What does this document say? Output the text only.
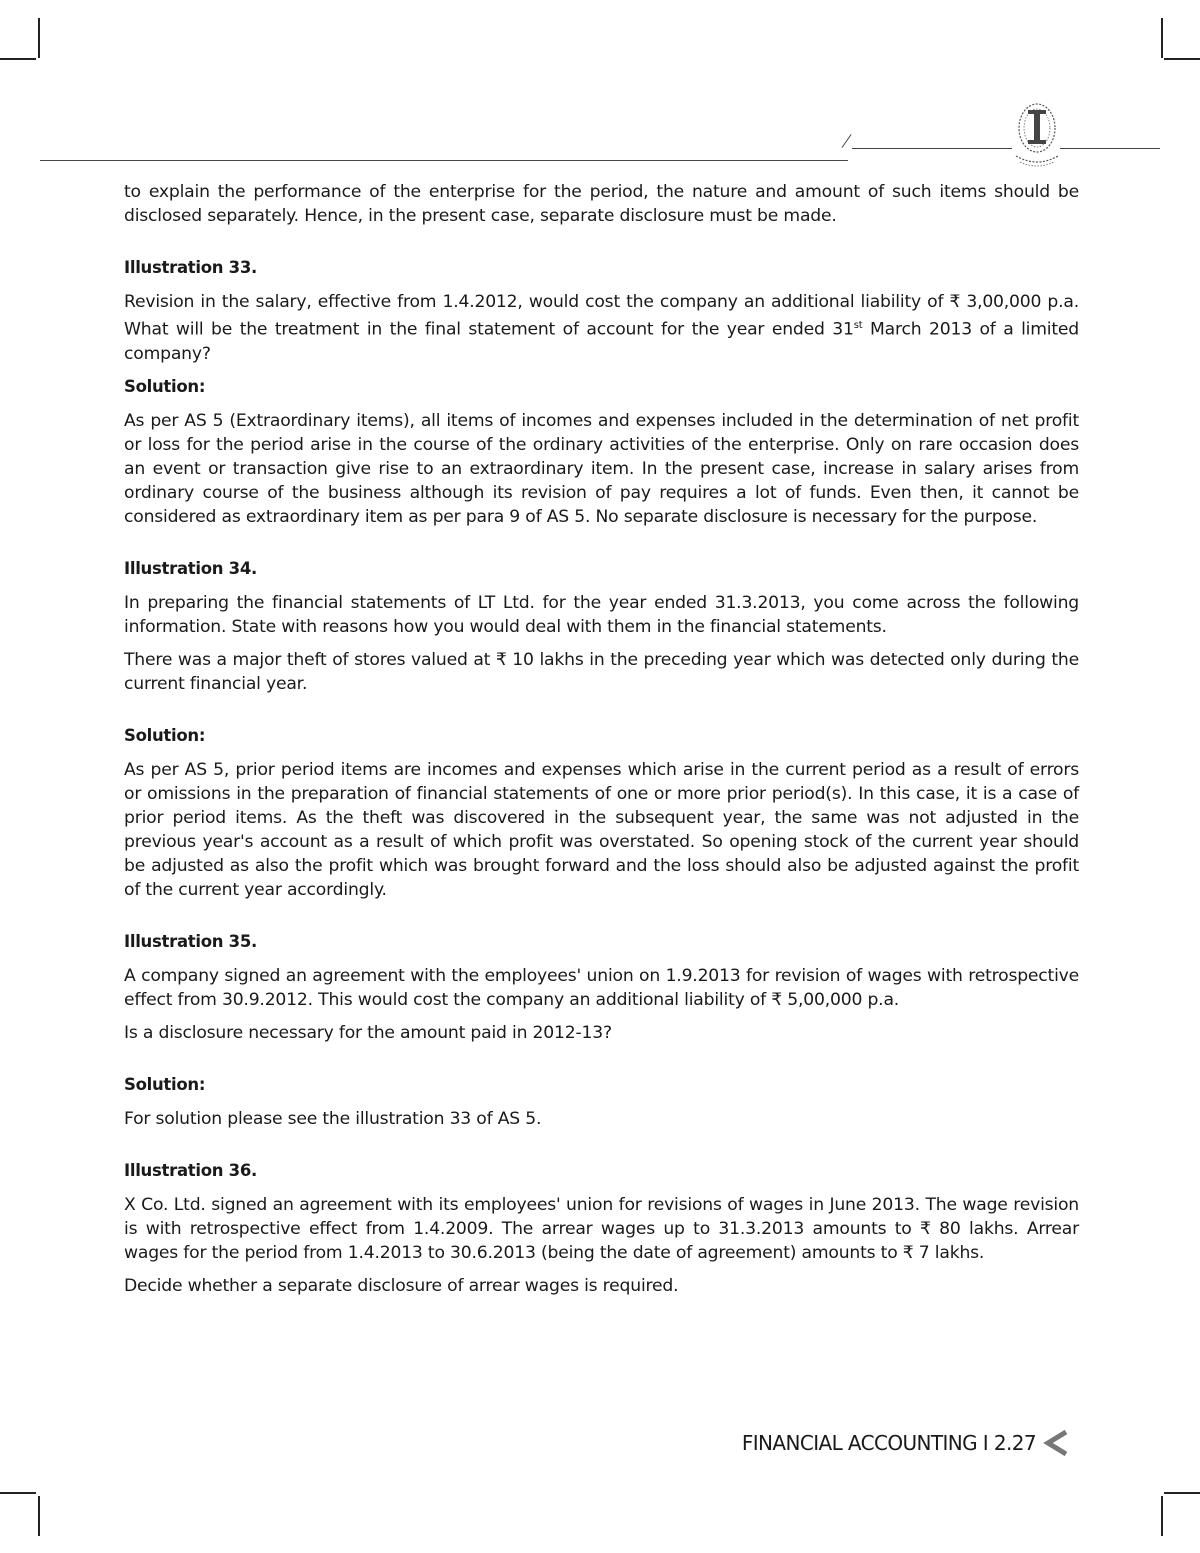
to explain the performance of the enterprise for the period, the nature and amount of such items should be disclosed separately. Hence, in the present case, separate disclosure must be made.

Illustration 33.

Revision in the salary, effective from 1.4.2012, would cost the company an additional liability of ₹ 3,00,000 p.a. What will be the treatment in the final statement of account for the year ended 31st March 2013 of a limited company?

Solution:

As per AS 5 (Extraordinary items), all items of incomes and expenses included in the determination of net profit or loss for the period arise in the course of the ordinary activities of the enterprise. Only on rare occasion does an event or transaction give rise to an extraordinary item. In the present case, increase in salary arises from ordinary course of the business although its revision of pay requires a lot of funds. Even then, it cannot be considered as extraordinary item as per para 9 of AS 5. No separate disclosure is necessary for the purpose.

Illustration 34.

In preparing the financial statements of LT Ltd. for the year ended 31.3.2013, you come across the following information. State with reasons how you would deal with them in the financial statements.

There was a major theft of stores valued at ₹ 10 lakhs in the preceding year which was detected only during the current financial year.

Solution:

As per AS 5, prior period items are incomes and expenses which arise in the current period as a result of errors or omissions in the preparation of financial statements of one or more prior period(s). In this case, it is a case of prior period items. As the theft was discovered in the subsequent year, the same was not adjusted in the previous year's account as a result of which profit was overstated. So opening stock of the current year should be adjusted as also the profit which was brought forward and the loss should also be adjusted against the profit of the current year accordingly.

Illustration 35.

A company signed an agreement with the employees' union on 1.9.2013 for revision of wages with retrospective effect from 30.9.2012. This would cost the company an additional liability of ₹ 5,00,000 p.a.

Is a disclosure necessary for the amount paid in 2012-13?

Solution:

For solution please see the illustration 33 of AS 5.

Illustration 36.

X Co. Ltd. signed an agreement with its employees' union for revisions of wages in June 2013. The wage revision is with retrospective effect from 1.4.2009. The arrear wages up to 31.3.2013 amounts to ₹ 80 lakhs. Arrear wages for the period from 1.4.2013 to 30.6.2013 (being the date of agreement) amounts to ₹ 7 lakhs.

Decide whether a separate disclosure of arrear wages is required.

FINANCIAL ACCOUNTING I 2.27
